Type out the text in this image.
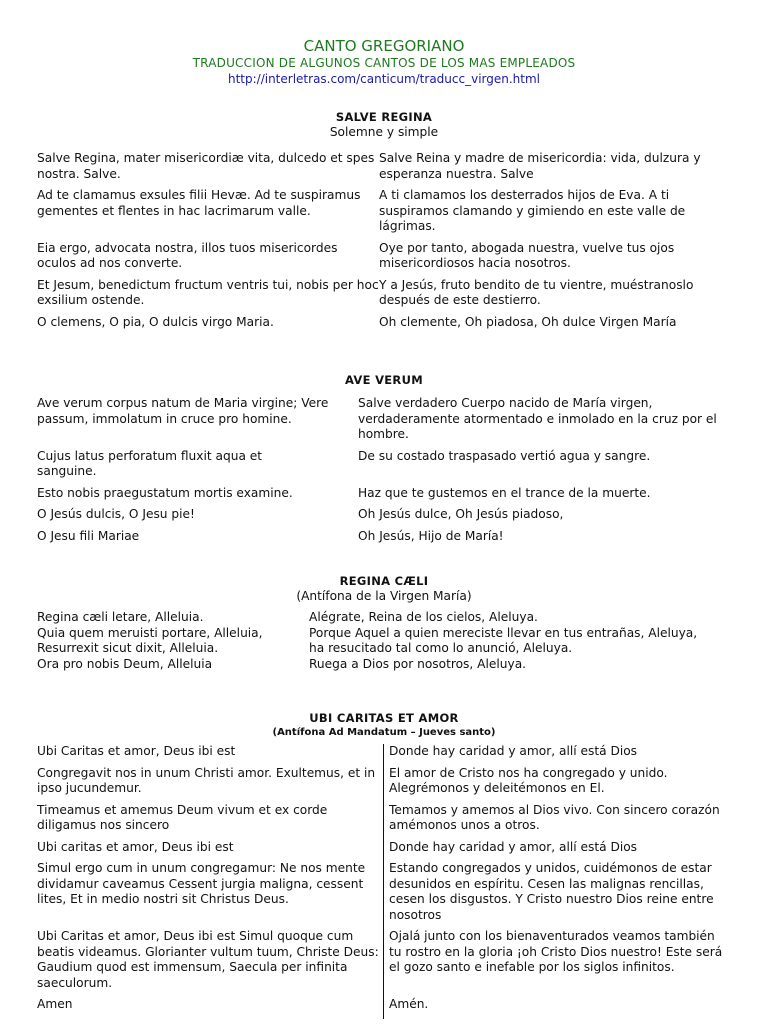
CANTO GREGORIANO
TRADUCCION DE ALGUNOS CANTOS DE LOS MAS EMPLEADOS
http://interletras.com/canticum/traducc_virgen.html
SALVE REGINA
Solemne y simple
Salve Regina, mater misericordiæ vita, dulcedo et spes nostra. Salve.	Salve Reina y madre de misericordia: vida, dulzura y esperanza nuestra. Salve
Ad te clamamus exsules filii Hevæ. Ad te suspiramus gementes et flentes in hac lacrimarum valle.	A ti clamamos los desterrados hijos de Eva. A ti suspiramos clamando y gimiendo en este valle de lágrimas.
Eia ergo, advocata nostra, illos tuos misericordes oculos ad nos converte.	Oye por tanto, abogada nuestra, vuelve tus ojos misericordiosos hacia nosotros.
Et Jesum, benedictum fructum ventris tui, nobis per hoc exsilium ostende.	Y a Jesús, fruto bendito de tu vientre, muéstranoslo después de este destierro.
O clemens, O pia, O dulcis virgo Maria.	Oh clemente, Oh piadosa, Oh dulce Virgen María
AVE VERUM
Ave verum corpus natum de Maria virgine; Vere passum, immolatum in cruce pro homine.	Salve verdadero Cuerpo nacido de María virgen, verdaderamente atormentado e inmolado en la cruz por el hombre.

Cujus latus perforatum fluxit aqua et sanguine.	De su costado traspasado vertió agua y sangre.
Esto nobis praegustatum mortis examine.	Haz que te gustemos en el trance de la muerte.
O Jesús dulcis, O Jesu pie!	Oh Jesús dulce, Oh Jesús piadoso,
O Jesu fili Mariae	Oh Jesús, Hijo de María!
REGINA CÆLI
(Antífona de la Virgen María)
Regina cæli letare, Alleluia.	Alégrate, Reina de los cielos, Aleluya.
Quia quem meruisti portare, Alleluia,	Porque Aquel a quien mereciste llevar en tus entrañas, Aleluya,
Resurrexit sicut dixit, Alleluia.	ha resucitado tal como lo anunció, Aleluya.
Ora pro nobis Deum, Alleluia	Ruega a Dios por nosotros, Aleluya.
UBI CARITAS ET AMOR
(Antífona Ad Mandatum – Jueves santo)
Ubi Caritas et amor, Deus ibi est	Donde hay caridad y amor, allí está Dios
Congregavit nos in unum Christi amor. Exultemus, et in ipso jucundemur.	El amor de Cristo nos ha congregado y unido. Alegrémonos y deleitémonos en El.
Timeamus et amemus Deum vivum et ex corde diligamus nos sincero	Temamos y amemos al Dios vivo. Con sincero corazón amémonos unos a otros.
Ubi caritas et amor, Deus ibi est	Donde hay caridad y amor, allí está Dios
Simul ergo cum in unum congregamur: Ne nos mente dividamur caveamus Cessent jurgia maligna, cessent lites, Et in medio nostri sit Christus Deus.	Estando congregados y unidos, cuidémonos de estar desunidos en espíritu. Cesen las malignas rencillas, cesen los disgustos. Y Cristo nuestro Dios reine entre nosotros
Ubi Caritas et amor, Deus ibi est Simul quoque cum beatis videamus. Glorianter vultum tuum, Christe Deus: Gaudium quod est immensum, Saecula per infinita saeculorum.	Ojalá junto con los bienaventurados veamos también tu rostro en la gloria ¡oh Cristo Dios nuestro! Este será el gozo santo e inefable por los siglos infinitos.
Amen	Amén.
